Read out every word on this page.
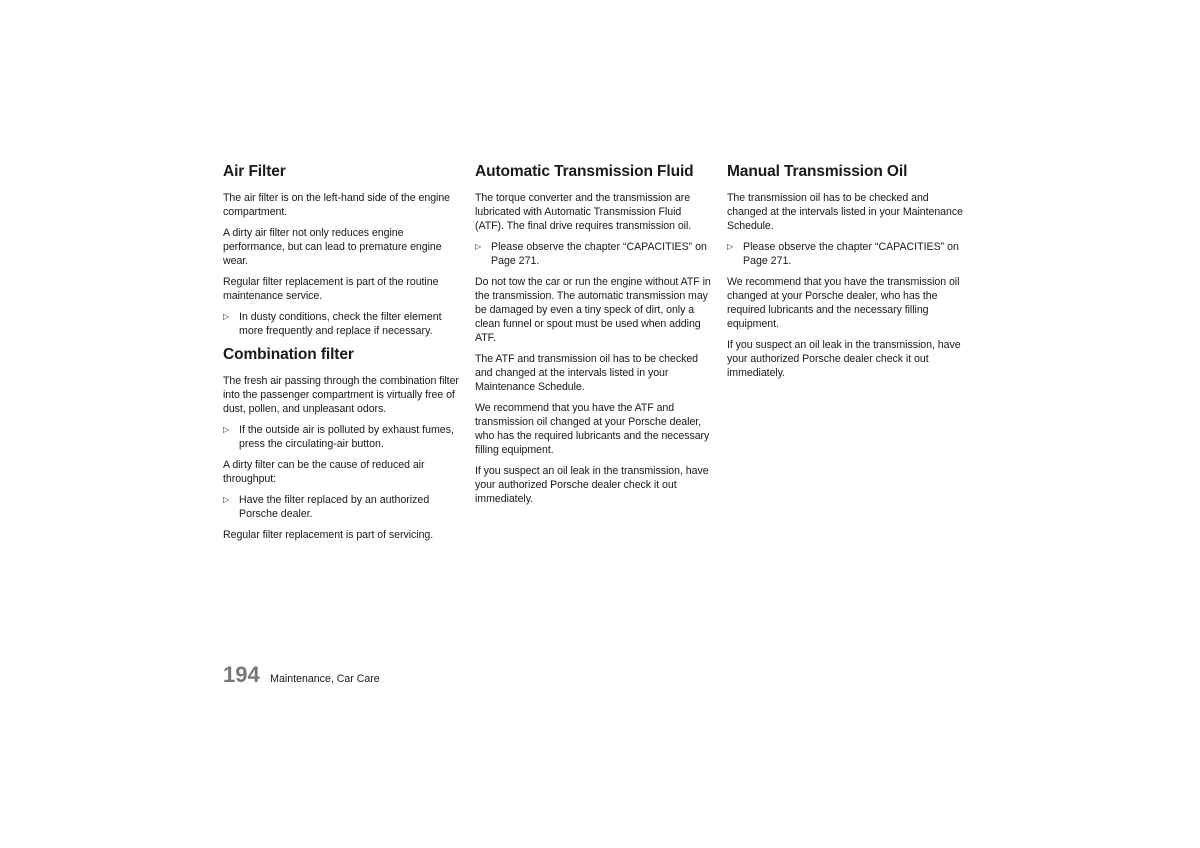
Air Filter

The air filter is on the left-hand side of the engine compartment.

A dirty air filter not only reduces engine performance, but can lead to premature engine wear.

Regular filter replacement is part of the routine maintenance service.

▷ In dusty conditions, check the filter element more frequently and replace if necessary.
Combination filter

The fresh air passing through the combination filter into the passenger compartment is virtually free of dust, pollen, and unpleasant odors.

▷ If the outside air is polluted by exhaust fumes, press the circulating-air button.

A dirty filter can be the cause of reduced air throughput:

▷ Have the filter replaced by an authorized Porsche dealer.

Regular filter replacement is part of servicing.

Automatic Transmission Fluid

The torque converter and the transmission are lubricated with Automatic Transmission Fluid (ATF). The final drive requires transmission oil.

▷ Please observe the chapter “CAPACITIES” on Page 271.

Do not tow the car or run the engine without ATF in the transmission. The automatic transmission may be damaged by even a tiny speck of dirt, only a clean funnel or spout must be used when adding ATF.

The ATF and transmission oil has to be checked and changed at the intervals listed in your Maintenance Schedule.

We recommend that you have the ATF and transmission oil changed at your Porsche dealer, who has the required lubricants and the necessary filling equipment.

If you suspect an oil leak in the transmission, have your authorized Porsche dealer check it out immediately.

Manual Transmission Oil

The transmission oil has to be checked and changed at the intervals listed in your Maintenance Schedule.

▷ Please observe the chapter “CAPACITIES” on Page 271.

We recommend that you have the transmission oil changed at your Porsche dealer, who has the required lubricants and the necessary filling equipment.

If you suspect an oil leak in the transmission, have your authorized Porsche dealer check it out immediately.

194 Maintenance, Car Care
